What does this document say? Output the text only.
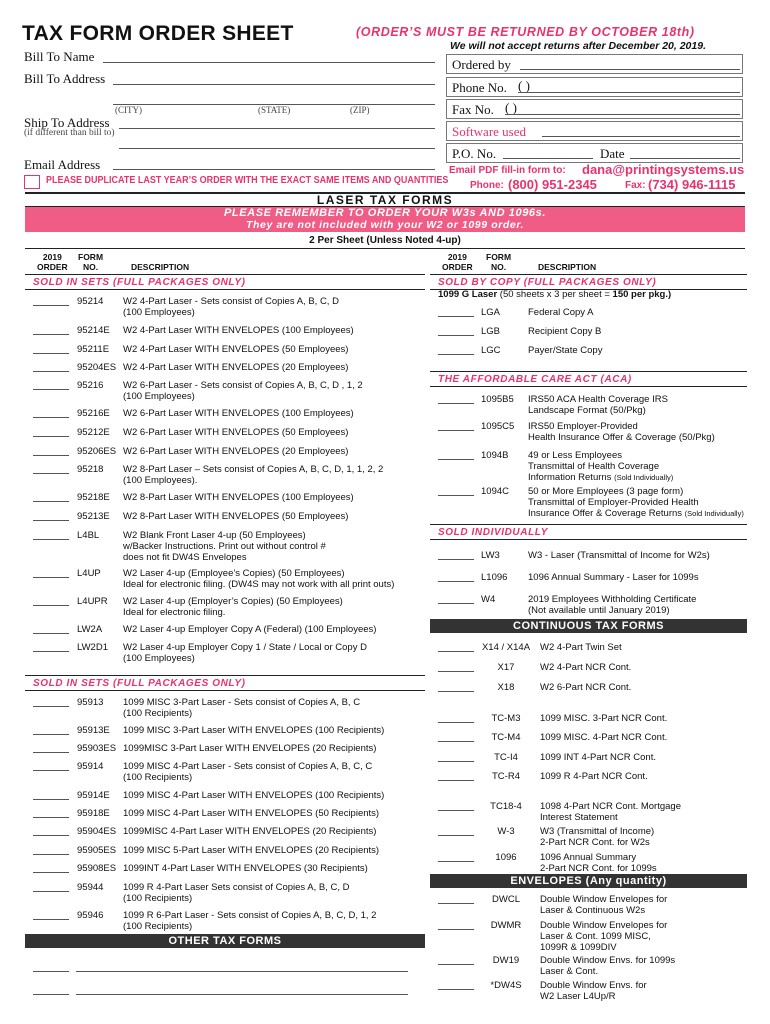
TAX FORM ORDER SHEET	(ORDER’S MUST BE RETURNED BY OCTOBER 18th)
We will not accept returns after December 20, 2019.
Bill To Name
Bill To Address
(CITY)	(STATE)	(ZIP)
Ship To Address
(if different than bill to)
Email Address
Ordered by
Phone No. ( )
Fax No. ( )
Software used
P.O. No.	Date
Email PDF fill-in form to: dana@printingsystems.us
Phone: (800) 951-2345	Fax: (734) 946-1115
PLEASE DUPLICATE LAST YEAR’S ORDER WITH THE EXACT SAME ITEMS AND QUANTITIES
LASER TAX FORMS
PLEASE REMEMBER TO ORDER YOUR W3s AND 1096s.
They are not included with your W2 or 1099 order.
2 Per Sheet (Unless Noted 4-up)
2019
ORDER
FORM
NO.	DESCRIPTION
2019
ORDER
FORM
NO.	DESCRIPTION
SOLD IN SETS (FULL PACKAGES ONLY)
95214 W2 4-Part Laser - Sets consist of Copies A, B, C, D
(100 Employees)
95214E W2 4-Part Laser WITH ENVELOPES (100 Employees)
95211E W2 4-Part Laser WITH ENVELOPES (50 Employees)
95204ES W2 4-Part Laser WITH ENVELOPES (20 Employees)
95216 W2 6-Part Laser - Sets consist of Copies A, B, C, D , 1, 2
(100 Employees)
95216E W2 6-Part Laser WITH ENVELOPES (100 Employees)
95212E W2 6-Part Laser WITH ENVELOPES (50 Employees)
95206ES W2 6-Part Laser WITH ENVELOPES (20 Employees)
95218 W2 8-Part Laser – Sets consist of Copies A, B, C, D, 1, 1, 2, 2
(100 Employees).
95218E W2 8-Part Laser WITH ENVELOPES (100 Employees)
95213E W2 8-Part Laser WITH ENVELOPES (50 Employees)
L4BL	W2 Blank Front Laser 4-up (50 Employees)
w/Backer Instructions. Print out without control #
does not fit DW4S Envelopes
L4UP W2 Laser 4-up (Employee’s Copies) (50 Employees)
Ideal for electronic filing. (DW4S may not work with all print outs)
L4UPR W2 Laser 4-up (Employer’s Copies) (50 Employees)
Ideal for electronic filing.
LW2A W2 Laser 4-up Employer Copy A (Federal) (100 Employees)
LW2D1 W2 Laser 4-up Employer Copy 1 / State / Local or Copy D
(100 Employees)
SOLD IN SETS (FULL PACKAGES ONLY)
95913 1099 MISC 3-Part Laser - Sets consist of Copies A, B, C
(100 Recipients)
95913E 1099 MISC 3-Part Laser WITH ENVELOPES (100 Recipients)
95903ES 1099MISC 3-Part Laser WITH ENVELOPES (20 Recipients)
95914 1099 MISC 4-Part Laser - Sets consist of Copies A, B, C, C
(100 Recipients)
95914E 1099 MISC 4-Part Laser WITH ENVELOPES (100 Recipients)
95918E 1099 MISC 4-Part Laser WITH ENVELOPES (50 Recipients)
95904ES 1099MISC 4-Part Laser WITH ENVELOPES (20 Recipients)
95905ES 1099 MISC 5-Part Laser WITH ENVELOPES (20 Recipients)
95908ES 1099INT 4-Part Laser WITH ENVELOPES (30 Recipients)
95944 1099 R 4-Part Laser Sets consist of Copies A, B, C, D
(100 Recipients)
95946 1099 R 6-Part Laser - Sets consist of Copies A, B, C, D, 1, 2
(100 Recipients)
OTHER TAX FORMS
SOLD BY COPY (FULL PACKAGES ONLY)
1099 G Laser (50 sheets x 3 per sheet = 150 per pkg.)
LGA	Federal Copy A
LGB	Recipient Copy B
LGC	Payer/State Copy
THE AFFORDABLE CARE ACT (ACA)
1095B5 IRS50 ACA Health Coverage IRS
Landscape Format (50/Pkg)
1095C5 IRS50 Employer-Provided
Health Insurance Offer & Coverage (50/Pkg)
1094B 49 or Less Employees
Transmittal of Health Coverage
Information Returns (Sold Individually)
1094C 50 or More Employees (3 page form)
Transmittal of Employer-Provided Health
Insurance Offer & Coverage Returns (Sold Individually)
SOLD INDIVIDUALLY
LW3	W3 - Laser (Transmittal of Income for W2s)
L1096 1096 Annual Summary - Laser for 1099s
W4	2019 Employees Withholding Certificate
(Not available until January 2019)
CONTINUOUS TAX FORMS
X14 / X14A	W2 4-Part Twin Set
X17	W2 4-Part NCR Cont.
X18	W2 6-Part NCR Cont.
TC-M3	1099 MISC. 3-Part NCR Cont.
TC-M4	1099 MISC. 4-Part NCR Cont.
TC-I4	1099 INT 4-Part NCR Cont.
TC-R4	1099 R 4-Part NCR Cont.
TC18-4	1098 4-Part NCR Cont. Mortgage
Interest Statement
W-3	W3 (Transmittal of Income)
2-Part NCR Cont. for W2s
1096	1096 Annual Summary
2-Part NCR Cont. for 1099s
ENVELOPES (Any quantity)
DWCL	Double Window Envelopes for
Laser & Continuous W2s
DWMR	Double Window Envelopes for
Laser & Cont. 1099 MISC,
1099R & 1099DIV
DW19	Double Window Envs. for 1099s
Laser & Cont.
*DW4S	Double Window Envs. for
W2 Laser L4Up/R
